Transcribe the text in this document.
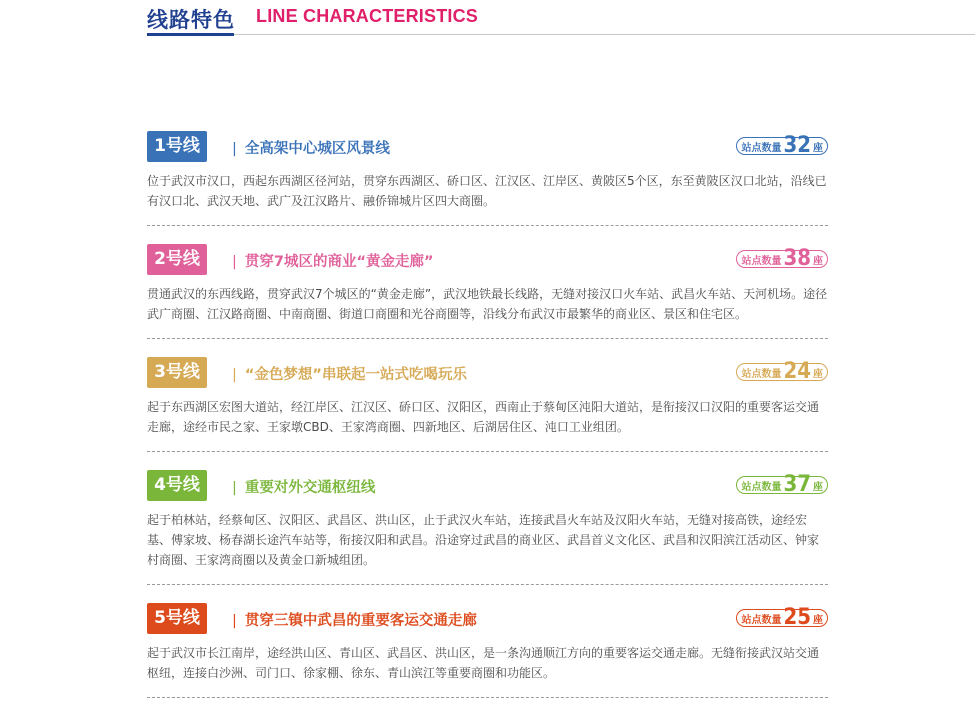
线路特色 LINE CHARACTERISTICS
1号线	| 全高架中心城区风景线	站点数量 32 座

位于武汉市汉口，西起东西湖区径河站，贯穿东西湖区、硚口区、江汉区、江岸区、黄陂区5个区，东至黄陂区汉口北站，沿线已有汉口北、武汉天地、武广及江汉路片、融侨锦城片区四大商圈。

2号线	| 贯穿7城区的商业“黄金走廊”	站点数量 38 座

贯通武汉的东西线路，贯穿武汉7个城区的“黄金走廊”，武汉地铁最长线路，无缝对接汉口火车站、武昌火车站、天河机场。途径武广商圈、江汉路商圈、中南商圈、街道口商圈和光谷商圈等，沿线分布武汉市最繁华的商业区、景区和住宅区。

3号线	| “金色梦想”串联起一站式吃喝玩乐	站点数量 24 座

起于东西湖区宏图大道站，经江岸区、江汉区、硚口区、汉阳区，西南止于蔡甸区沌阳大道站，是衔接汉口汉阳的重要客运交通走廊，途经市民之家、王家墩CBD、王家湾商圈、四新地区、后湖居住区、沌口工业组团。

4号线	| 重要对外交通枢纽线	站点数量 37 座

起于柏林站，经蔡甸区、汉阳区、武昌区、洪山区，止于武汉火车站，连接武昌火车站及汉阳火车站，无缝对接高铁，途经宏基、傅家坡、杨春湖长途汽车站等，衔接汉阳和武昌。沿途穿过武昌的商业区、武昌首义文化区、武昌和汉阳滨江活动区、钟家村商圈、王家湾商圈以及黄金口新城组团。

5号线	| 贯穿三镇中武昌的重要客运交通走廊	站点数量 25 座

起于武汉市长江南岸，途经洪山区、青山区、武昌区、洪山区，是一条沟通顺江方向的重要客运交通走廊。无缝衔接武汉站交通枢纽，连接白沙洲、司门口、徐家棚、徐东、青山滨江等重要商圈和功能区。
